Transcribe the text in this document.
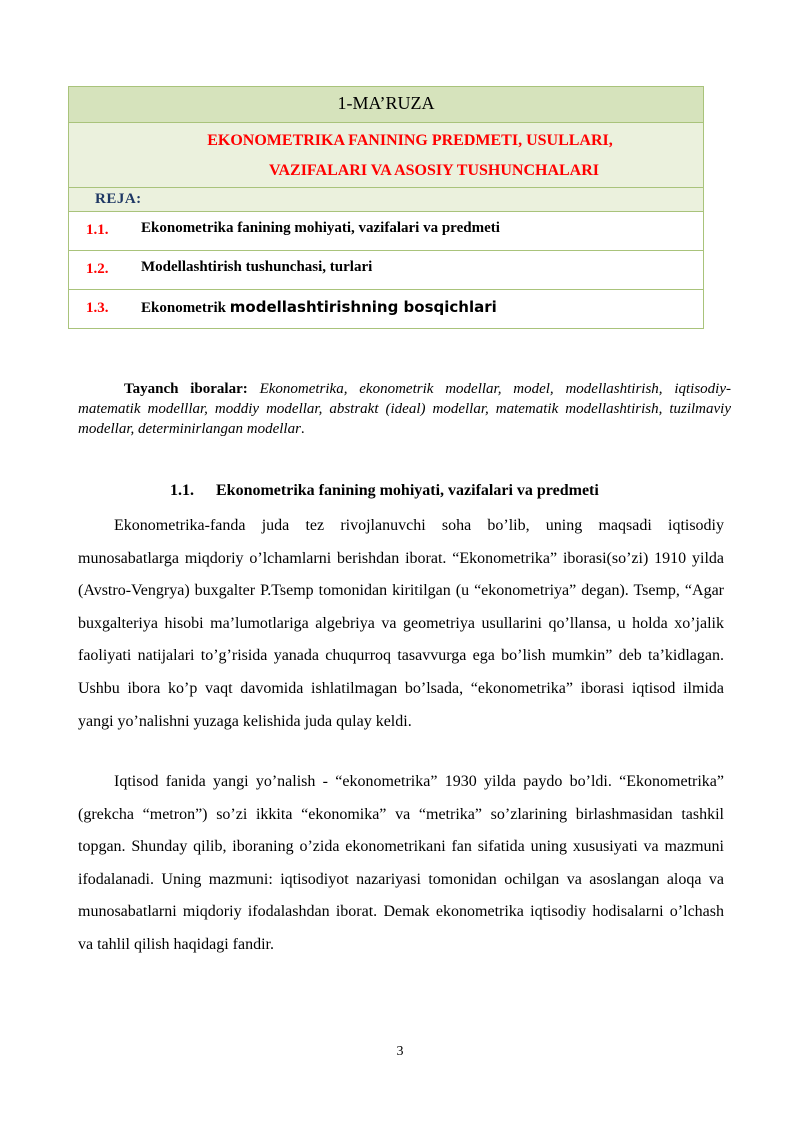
1-MA’RUZA
EKONOMETRIKA FANINING PREDMETI, USULLARI,
VAZIFALARI VA ASOSIY TUSHUNCHALARI
REJA:
1.1. Ekonometrika fanining mohiyati, vazifalari va predmeti
1.2. Modellashtirish tushunchasi, turlari
1.3. Ekonometrik modellashtirishning bosqichlari
Tayanch iboralar: Ekonometrika, ekonometrik modellar, model, modellashtirish, iqtisodiy-matematik modelllar, moddiy modellar, abstrakt (ideal) modellar, matematik modellashtirish, tuzilmaviy modellar, determinirlangan modellar.
1.1. Ekonometrika fanining mohiyati, vazifalari va predmeti

Ekonometrika-fanda juda tez rivojlanuvchi soha bo’lib, uning maqsadi iqtisodiy munosabatlarga miqdoriy o’lchamlarni berishdan iborat. “Ekonometrika” iborasi(so’zi) 1910 yilda (Avstro-Vengrya) buxgalter P.Tsemp tomonidan kiritilgan (u “ekonometriya” degan). Tsemp, “Agar buxgalteriya hisobi ma’lumotlariga algebriya va geometriya usullarini qo’llansa, u holda xo’jalik faoliyati natijalari to’g’risida yanada chuqurroq tasavvurga ega bo’lish mumkin” deb ta’kidlagan. Ushbu ibora ko’p vaqt davomida ishlatilmagan bo’lsada, “ekonometrika” iborasi iqtisod ilmida yangi yo’nalishni yuzaga kelishida juda qulay keldi.

Iqtisod fanida yangi yo’nalish - “ekonometrika” 1930 yilda paydo bo’ldi. “Ekonometrika” (grekcha “metron”) so’zi ikkita “ekonomika” va “metrika” so’zlarining birlashmasidan tashkil topgan. Shunday qilib, iboraning o’zida ekonometrikani fan sifatida uning xususiyati va mazmuni ifodalanadi. Uning mazmuni: iqtisodiyot nazariyasi tomonidan ochilgan va asoslangan aloqa va munosabatlarni miqdoriy ifodalashdan iborat. Demak ekonometrika iqtisodiy hodisalarni o’lchash va tahlil qilish haqidagi fandir.

3
